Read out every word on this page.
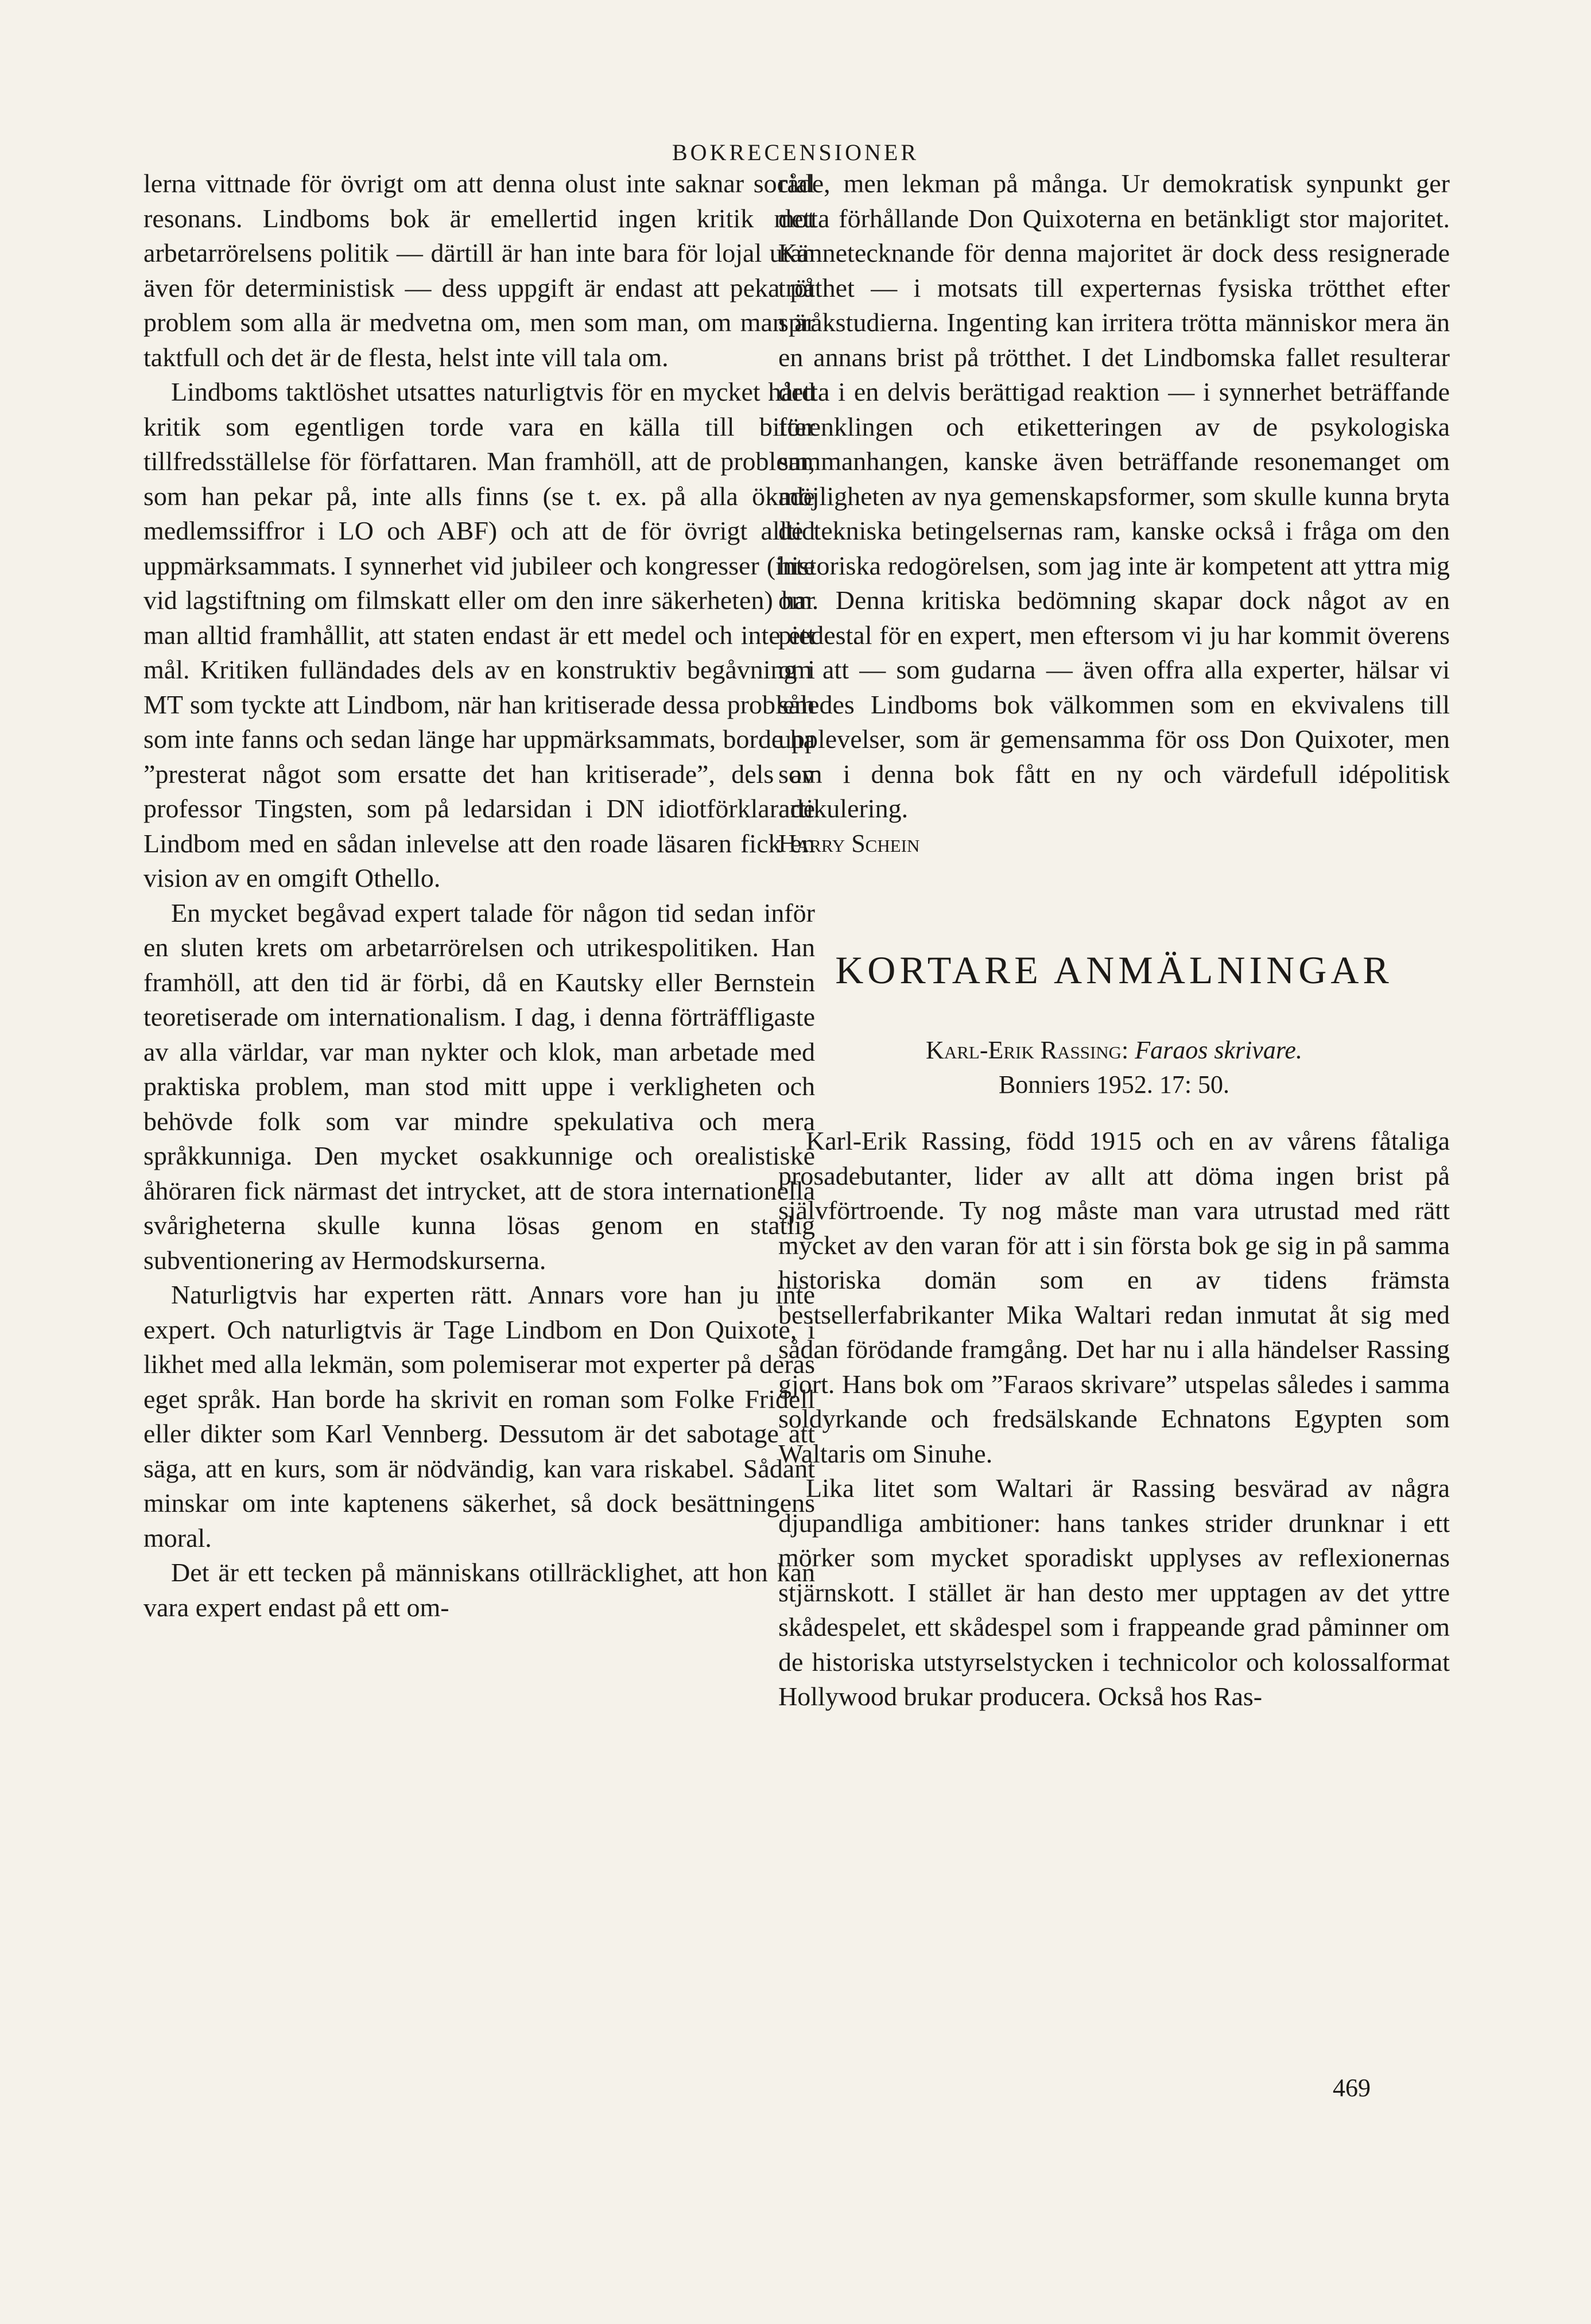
BOKRECENSIONER

lerna vittnade för övrigt om att denna olust inte saknar social resonans. Lindboms bok är emellertid ingen kritik mot arbetarrörelsens politik — därtill är han inte bara för lojal utan även för deterministisk — dess uppgift är endast att peka på problem som alla är medvetna om, men som man, om man är taktfull och det är de flesta, helst inte vill tala om.

Lindboms taktlöshet utsattes naturligtvis för en mycket hård kritik som egentligen torde vara en källa till bitter tillfredsställelse för författaren. Man framhöll, att de problem, som han pekar på, inte alls finns (se t. ex. på alla ökade medlemssiffror i LO och ABF) och att de för övrigt alltid uppmärksammats. I synnerhet vid jubileer och kongresser (inte vid lagstiftning om filmskatt eller om den inre säkerheten) har man alltid framhållit, att staten endast är ett medel och inte ett mål. Kritiken fulländades dels av en konstruktiv begåvning i MT som tyckte att Lindbom, när han kritiserade dessa problem som inte fanns och sedan länge har uppmärksammats, borde ha ”presterat något som ersatte det han kritiserade”, dels av professor Tingsten, som på ledarsidan i DN idiotförklarade Lindbom med en sådan inlevelse att den roade läsaren fick en vision av en omgift Othello.

En mycket begåvad expert talade för någon tid sedan inför en sluten krets om arbetarrörelsen och utrikespolitiken. Han framhöll, att den tid är förbi, då en Kautsky eller Bernstein teoretiserade om internationalism. I dag, i denna förträffligaste av alla världar, var man nykter och klok, man arbetade med praktiska problem, man stod mitt uppe i verkligheten och behövde folk som var mindre spekulativa och mera språkkunniga. Den mycket osakkunnige och orealistiske åhöraren fick närmast det intrycket, att de stora internationella svårigheterna skulle kunna lösas genom en statlig subventionering av Hermodskurserna.

Naturligtvis har experten rätt. Annars vore han ju inte expert. Och naturligtvis är Tage Lindbom en Don Quixote, i likhet med alla lekmän, som polemiserar mot experter på deras eget språk. Han borde ha skrivit en roman som Folke Fridell eller dikter som Karl Vennberg. Dessutom är det sabotage att säga, att en kurs, som är nödvändig, kan vara riskabel. Sådant minskar om inte kaptenens säkerhet, så dock besättningens moral.

Det är ett tecken på människans otillräcklighet, att hon kan vara expert endast på ett om-

råde, men lekman på många. Ur demokratisk synpunkt ger detta förhållande Don Quixoterna en betänkligt stor majoritet. Kännetecknande för denna majoritet är dock dess resignerade trötthet — i motsats till experternas fysiska trötthet efter språkstudierna. Ingenting kan irritera trötta människor mera än en annans brist på trötthet. I det Lindbomska fallet resulterar detta i en delvis berättigad reaktion — i synnerhet beträffande förenklingen och etiketteringen av de psykologiska sammanhangen, kanske även beträffande resonemanget om möjligheten av nya gemenskapsformer, som skulle kunna bryta de tekniska betingelsernas ram, kanske också i fråga om den historiska redogörelsen, som jag inte är kompetent att yttra mig om. Denna kritiska bedömning skapar dock något av en piedestal för en expert, men eftersom vi ju har kommit överens om att — som gudarna — även offra alla experter, hälsar vi således Lindboms bok välkommen som en ekvivalens till upplevelser, som är gemensamma för oss Don Quixoter, men som i denna bok fått en ny och värdefull idépolitisk artikulering.

Harry Schein

KORTARE ANMÄLNINGAR
Karl-Erik Rassing: Faraos skrivare.
Bonniers 1952. 17: 50.

Karl-Erik Rassing, född 1915 och en av vårens fåtaliga prosadebutanter, lider av allt att döma ingen brist på självförtroende. Ty nog måste man vara utrustad med rätt mycket av den varan för att i sin första bok ge sig in på samma historiska domän som en av tidens främsta bestsellerfabrikanter Mika Waltari redan inmutat åt sig med sådan förödande framgång. Det har nu i alla händelser Rassing gjort. Hans bok om ”Faraos skrivare” utspelas således i samma soldyrkande och fredsälskande Echnatons Egypten som Waltaris om Sinuhe.

Lika litet som Waltari är Rassing besvärad av några djupandliga ambitioner: hans tankes strider drunknar i ett mörker som mycket sporadiskt upplyses av reflexionernas stjärnskott. I stället är han desto mer upptagen av det yttre skådespelet, ett skådespel som i frappeande grad påminner om de historiska utstyrselstycken i technicolor och kolossalformat Hollywood brukar producera. Också hos Ras-

469
